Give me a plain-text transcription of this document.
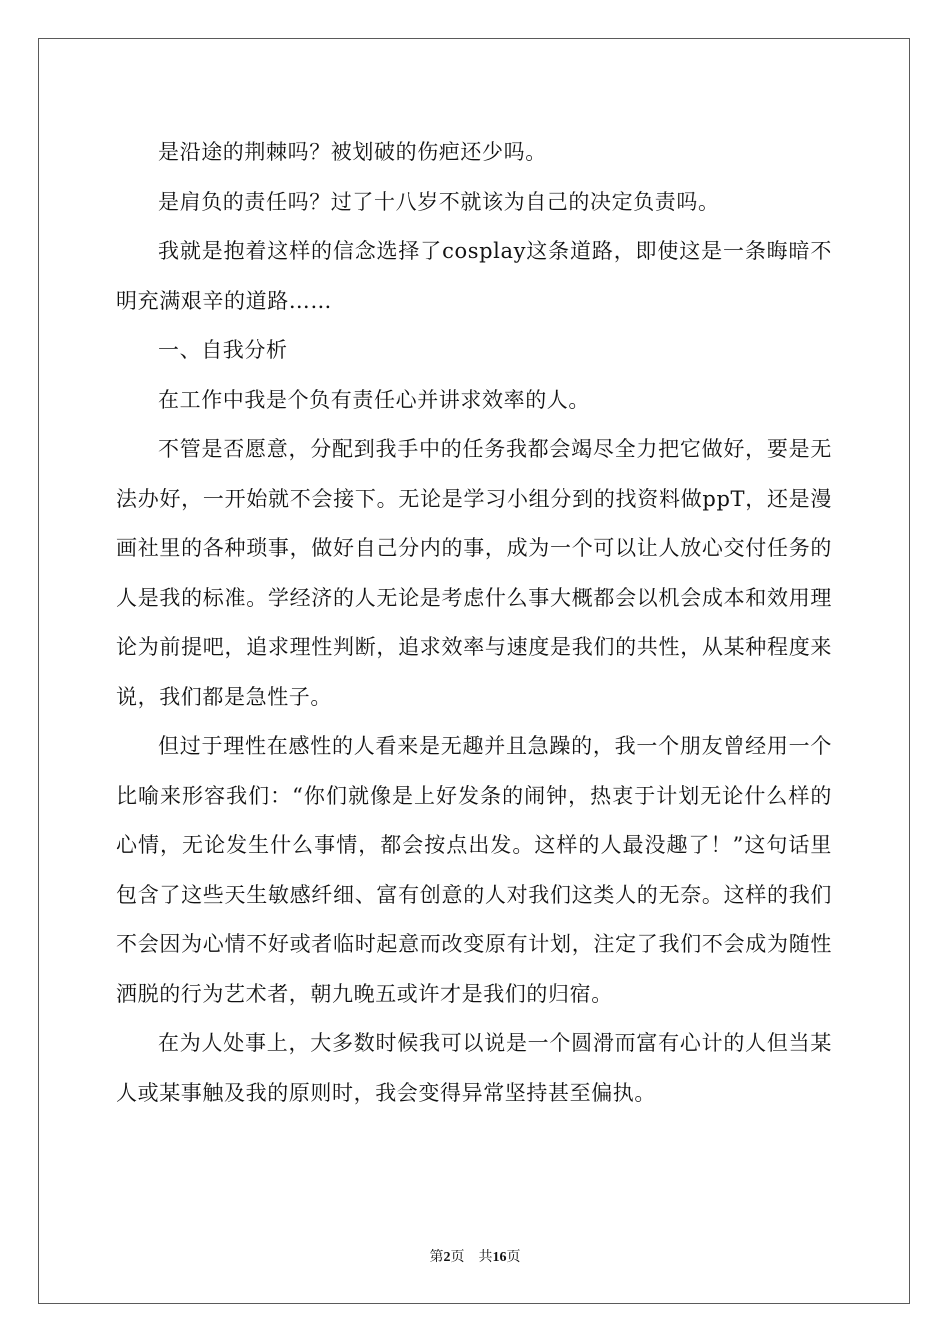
是沿途的荆棘吗？被划破的伤疤还少吗。

是肩负的责任吗？过了十八岁不就该为自己的决定负责吗。

我就是抱着这样的信念选择了cosplay这条道路，即使这是一条晦暗不明充满艰辛的道路……

一、自我分析

在工作中我是个负有责任心并讲求效率的人。

不管是否愿意，分配到我手中的任务我都会竭尽全力把它做好，要是无法办好，一开始就不会接下。无论是学习小组分到的找资料做ppT，还是漫画社里的各种琐事，做好自己分内的事，成为一个可以让人放心交付任务的人是我的标准。学经济的人无论是考虑什么事大概都会以机会成本和效用理论为前提吧，追求理性判断，追求效率与速度是我们的共性，从某种程度来说，我们都是急性子。

但过于理性在感性的人看来是无趣并且急躁的，我一个朋友曾经用一个比喻来形容我们：“你们就像是上好发条的闹钟，热衷于计划无论什么样的心情，无论发生什么事情，都会按点出发。这样的人最没趣了！”这句话里包含了这些天生敏感纤细、富有创意的人对我们这类人的无奈。这样的我们不会因为心情不好或者临时起意而改变原有计划，注定了我们不会成为随性洒脱的行为艺术者，朝九晚五或许才是我们的归宿。

在为人处事上，大多数时候我可以说是一个圆滑而富有心计的人但当某人或某事触及我的原则时，我会变得异常坚持甚至偏执。

第2页 共16页
